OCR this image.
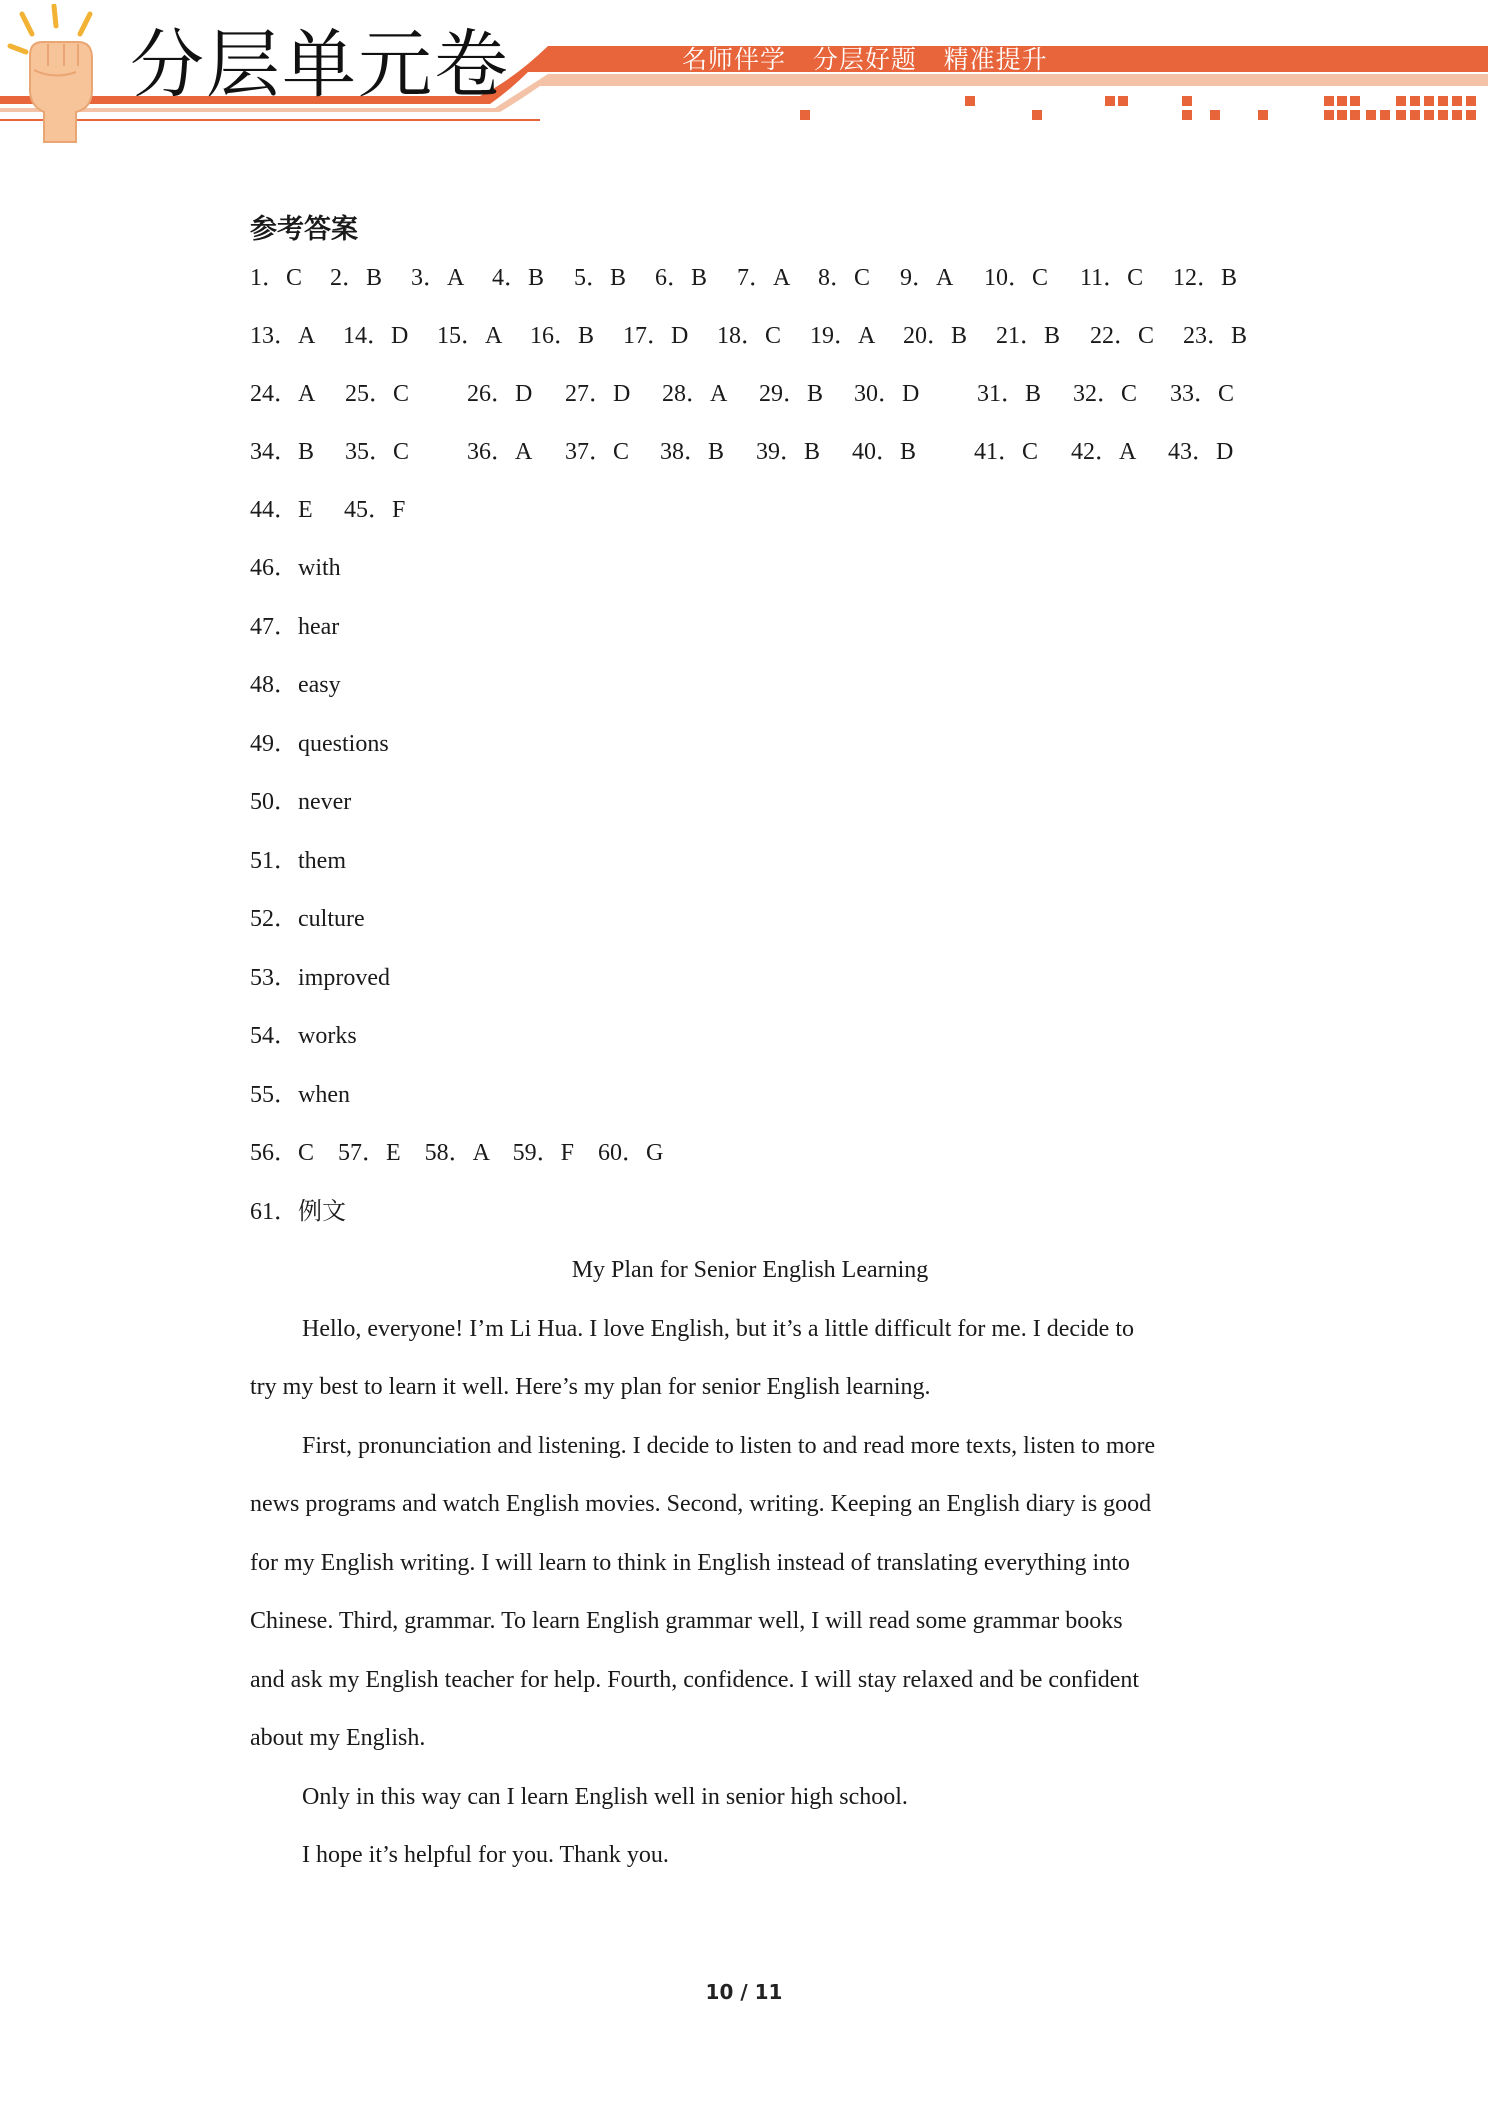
分层单元卷	名师伴学   分层好题   精准提升
参考答案
1．C 2．B 3．A 4．B 5．B 6．B 7．A 8．C 9．A 10．C 11．C 12．B
13．A 14．D 15．A 16．B 17．D 18．C 19．A 20．B 21．B 22．C 23．B
24．A 25．C 26．D 27．D 28．A 29．B 30．D 31．B 32．C 33．C
34．B 35．C 36．A 37．C 38．B 39．B 40．B 41．C 42．A 43．D
44．E 45．F
46．with
47．hear
48．easy
49．questions
50．never
51．them
52．culture
53．improved
54．works
55．when
56．C    57．E    58．A    59．F    60．G
61．例文
My Plan for Senior English Learning
Hello, everyone! I’m Li Hua. I love English, but it’s a little difficult for me. I decide to
try my best to learn it well. Here’s my plan for senior English learning.
First, pronunciation and listening. I decide to listen to and read more texts, listen to more
news programs and watch English movies. Second, writing. Keeping an English diary is good
for my English writing. I will learn to think in English instead of translating everything into
Chinese. Third, grammar. To learn English grammar well, I will read some grammar books
and ask my English teacher for help. Fourth, confidence. I will stay relaxed and be confident
about my English.
Only in this way can I learn English well in senior high school.
I hope it’s helpful for you. Thank you.
10 / 11
